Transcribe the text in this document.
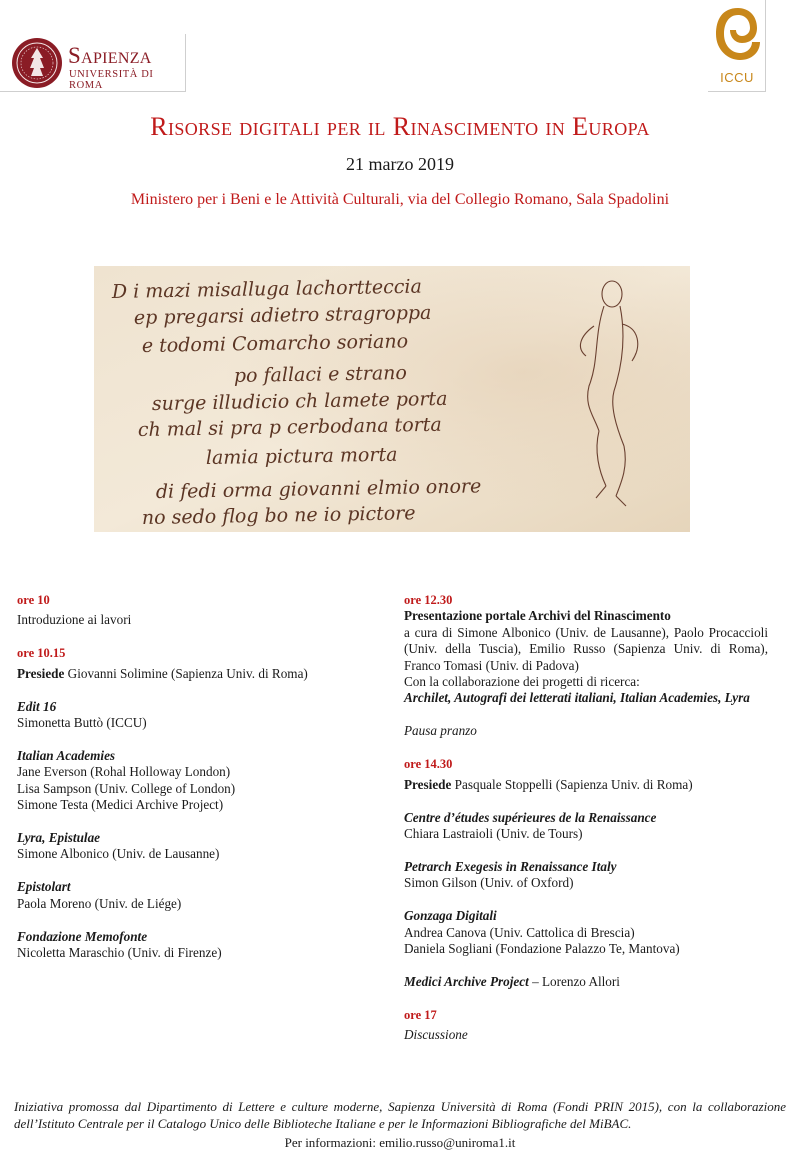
Sapienza
UNIVERSITÀ DI ROMA
ICCU
Risorse digitali per il Rinascimento in Europa
21 marzo 2019
Ministero per i Beni e le Attività Culturali, via del Collegio Romano, Sala Spadolini
D i mazi misalluga lachortteccia
ep pregarsi adietro stragroppa
e todomi Comarcho soriano
po fallaci e strano
surge illudicio ch lamete porta
ch mal si pra p cerbodana torta
lamia pictura morta
di fedi orma giovanni elmio onore
no sedo flog bo ne io pictore
ore 10
Introduzione ai lavori
ore 10.15
Presiede Giovanni Solimine (Sapienza Univ. di Roma)
Edit 16
Simonetta Buttò (ICCU)
Italian Academies
Jane Everson (Rohal Holloway London)
Lisa Sampson (Univ. College of London)
Simone Testa (Medici Archive Project)
Lyra, Epistulae
Simone Albonico (Univ. de Lausanne)
Epistolart
Paola Moreno (Univ. de Liége)
Fondazione Memofonte
Nicoletta Maraschio (Univ. di Firenze)
ore 12.30
Presentazione portale Archivi del Rinascimento
a cura di Simone Albonico (Univ. de Lausanne), Paolo Procaccioli (Univ. della Tuscia), Emilio Russo (Sapienza Univ. di Roma), Franco Tomasi (Univ. di Padova)
Con la collaborazione dei progetti di ricerca:
Archilet, Autografi dei letterati italiani, Italian Academies, Lyra
Pausa pranzo
ore 14.30
Presiede Pasquale Stoppelli (Sapienza Univ. di Roma)
Centre d’études supérieures de la Renaissance
Chiara Lastraioli (Univ. de Tours)
Petrarch Exegesis in Renaissance Italy
Simon Gilson (Univ. of Oxford)
Gonzaga Digitali
Andrea Canova (Univ. Cattolica di Brescia)
Daniela Sogliani (Fondazione Palazzo Te, Mantova)
Medici Archive Project – Lorenzo Allori
ore 17
Discussione
Iniziativa promossa dal Dipartimento di Lettere e culture moderne, Sapienza Università di Roma (Fondi PRIN 2015), con la collaborazione dell’Istituto Centrale per il Catalogo Unico delle Biblioteche Italiane e per le Informazioni Bibliografiche del MiBAC.
Per informazioni: emilio.russo@uniroma1.it
